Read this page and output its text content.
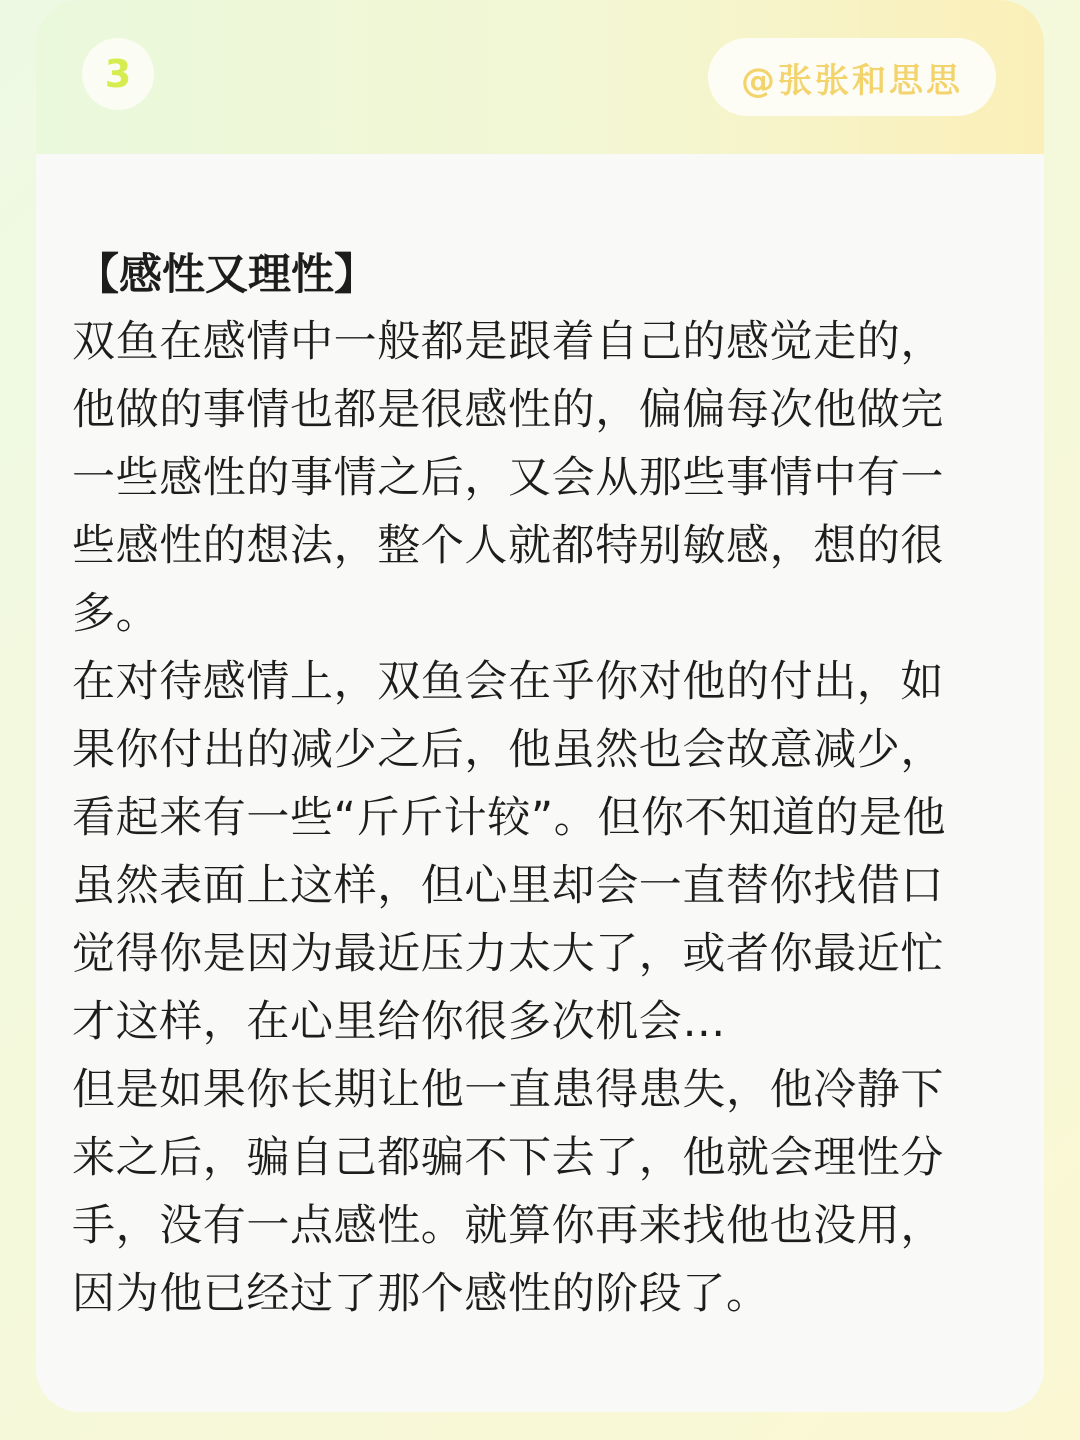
3	@张张和思思
【感性又理性】
双鱼在感情中一般都是跟着自己的感觉走的，
他做的事情也都是很感性的，偏偏每次他做完
一些感性的事情之后，又会从那些事情中有一
些感性的想法，整个人就都特别敏感，想的很
多。
在对待感情上，双鱼会在乎你对他的付出，如
果你付出的减少之后，他虽然也会故意减少，
看起来有一些“斤斤计较”。但你不知道的是他
虽然表面上这样，但心里却会一直替你找借口
觉得你是因为最近压力太大了，或者你最近忙
才这样，在心里给你很多次机会…
但是如果你长期让他一直患得患失，他冷静下
来之后，骗自己都骗不下去了，他就会理性分
手，没有一点感性。就算你再来找他也没用，
因为他已经过了那个感性的阶段了。
